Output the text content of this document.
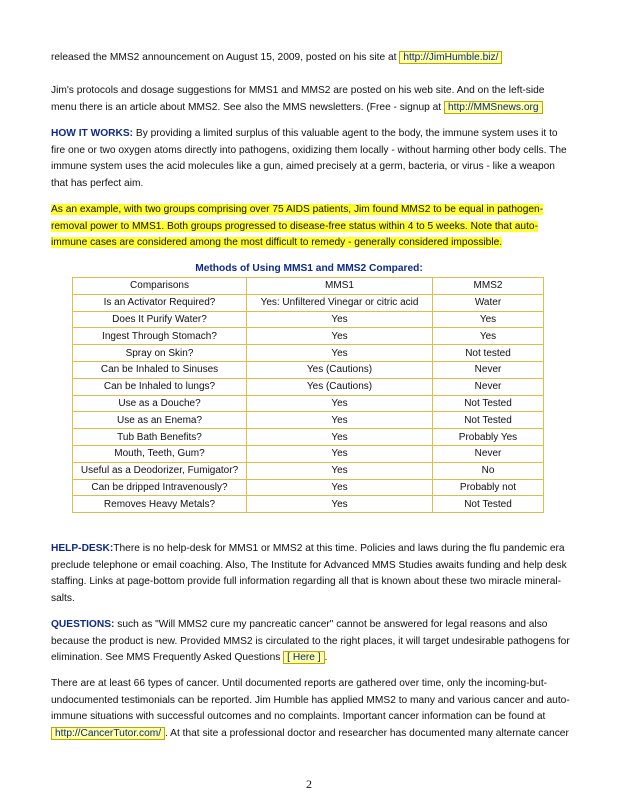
released the MMS2 announcement on August 15, 2009, posted on his site at http://JimHumble.biz/

Jim's protocols and dosage suggestions for MMS1 and MMS2 are posted on his web site. And on the left-side menu there is an article about MMS2. See also the MMS newsletters. (Free - signup at http://MMSnews.org

HOW IT WORKS: By providing a limited surplus of this valuable agent to the body, the immune system uses it to fire one or two oxygen atoms directly into pathogens, oxidizing them locally - without harming other body cells. The immune system uses the acid molecules like a gun, aimed precisely at a germ, bacteria, or virus - like a weapon that has perfect aim.

As an example, with two groups comprising over 75 AIDS patients, Jim found MMS2 to be equal in pathogen-removal power to MMS1. Both groups progressed to disease-free status within 4 to 5 weeks. Note that auto-immune cases are considered among the most difficult to remedy - generally considered impossible.

Methods of Using MMS1 and MMS2 Compared:
Comparisons	MMS1	MMS2
Is an Activator Required?	Yes: Unfiltered Vinegar or citric acid	Water
Does It Purify Water?	Yes	Yes
Ingest Through Stomach?	Yes	Yes
Spray on Skin?	Yes	Not tested
Can be Inhaled to Sinuses	Yes (Cautions)	Never
Can be Inhaled to lungs?	Yes (Cautions)	Never
Use as a Douche?	Yes	Not Tested
Use as an Enema?	Yes	Not Tested
Tub Bath Benefits?	Yes	Probably Yes
Mouth, Teeth, Gum?	Yes	Never
Useful as a Deodorizer, Fumigator?	Yes	No
Can be dripped Intravenously?	Yes	Probably not
Removes Heavy Metals?	Yes	Not Tested

HELP-DESK:There is no help-desk for MMS1 or MMS2 at this time. Policies and laws during the flu pandemic era preclude telephone or email coaching. Also, The Institute for Advanced MMS Studies awaits funding and help desk staffing. Links at page-bottom provide full information regarding all that is known about these two miracle mineral-salts.

QUESTIONS: such as "Will MMS2 cure my pancreatic cancer" cannot be answered for legal reasons and also because the product is new. Provided MMS2 is circulated to the right places, it will target undesirable pathogens for elimination. See MMS Frequently Asked Questions [ Here ] .

There are at least 66 types of cancer. Until documented reports are gathered over time, only the incoming-but-undocumented testimonials can be reported. Jim Humble has applied MMS2 to many and various cancer and auto-immune situations with successful outcomes and no complaints. Important cancer information can be found at http://CancerTutor.com/ . At that site a professional doctor and researcher has documented many alternate cancer

2
